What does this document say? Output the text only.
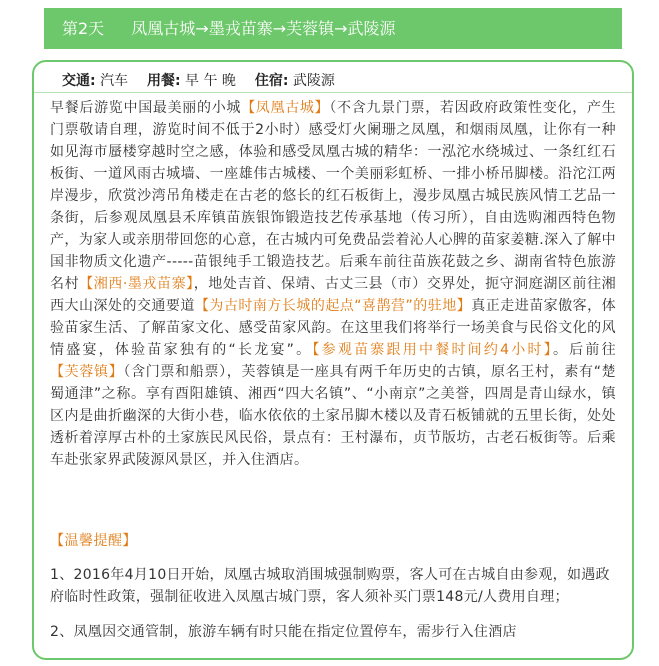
第2天 凤凰古城→墨戎苗寨→芙蓉镇→武陵源
交通: 汽车 用餐: 早 午 晚 住宿: 武陵源
早餐后游览中国最美丽的小城【凤凰古城】（不含九景门票，若因政府政策性变化，产生门票敬请自理，游览时间不低于2小时）感受灯火阑珊之凤凰，和烟雨凤凰，让你有一种如见海市蜃楼穿越时空之感，体验和感受凤凰古城的精华：一泓沱水绕城过、一条红红石板街、一道风雨古城墙、一座雄伟古城楼、一个美丽彩虹桥、一排小桥吊脚楼。沿沱江两岸漫步，欣赏沙湾吊角楼走在古老的悠长的红石板街上，漫步凤凰古城民族风情工艺品一条街，后参观凤凰县禾库镇苗族银饰锻造技艺传承基地（传习所），自由选购湘西特色物产，为家人或亲朋带回您的心意，在古城内可免费品尝着沁人心脾的苗家姜糖.深入了解中国非物质文化遗产-----苗银纯手工锻造技艺。后乘车前往苗族花鼓之乡、湖南省特色旅游名村【湘西·墨戎苗寨】，地处吉首、保靖、古丈三县（市）交界处，扼守洞庭湖区前往湘西大山深处的交通要道【为古时南方长城的起点“喜鹊营”的驻地】真正走进苗家傲客，体验苗家生活、了解苗家文化、感受苗家风韵。在这里我们将举行一场美食与民俗文化的风情盛宴，体验苗家独有的“长龙宴”。【参观苗寨跟用中餐时间约4小时】。后前往【芙蓉镇】（含门票和船票），芙蓉镇是一座具有两千年历史的古镇，原名王村，素有“楚蜀通津”之称。享有酉阳雄镇、湘西“四大名镇”、“小南京”之美誉，四周是青山绿水，镇区内是曲折幽深的大街小巷，临水依依的土家吊脚木楼以及青石板铺就的五里长街，处处透析着淳厚古朴的土家族民风民俗，景点有：王村瀑布，贞节版坊，古老石板街等。后乘车赴张家界武陵源风景区，并入住酒店。
【温馨提醒】
1、2016年4月10日开始，凤凰古城取消围城强制购票，客人可在古城自由参观，如遇政府临时性政策，强制征收进入凤凰古城门票，客人须补买门票148元/人费用自理；
2、凤凰因交通管制，旅游车辆有时只能在指定位置停车，需步行入住酒店
